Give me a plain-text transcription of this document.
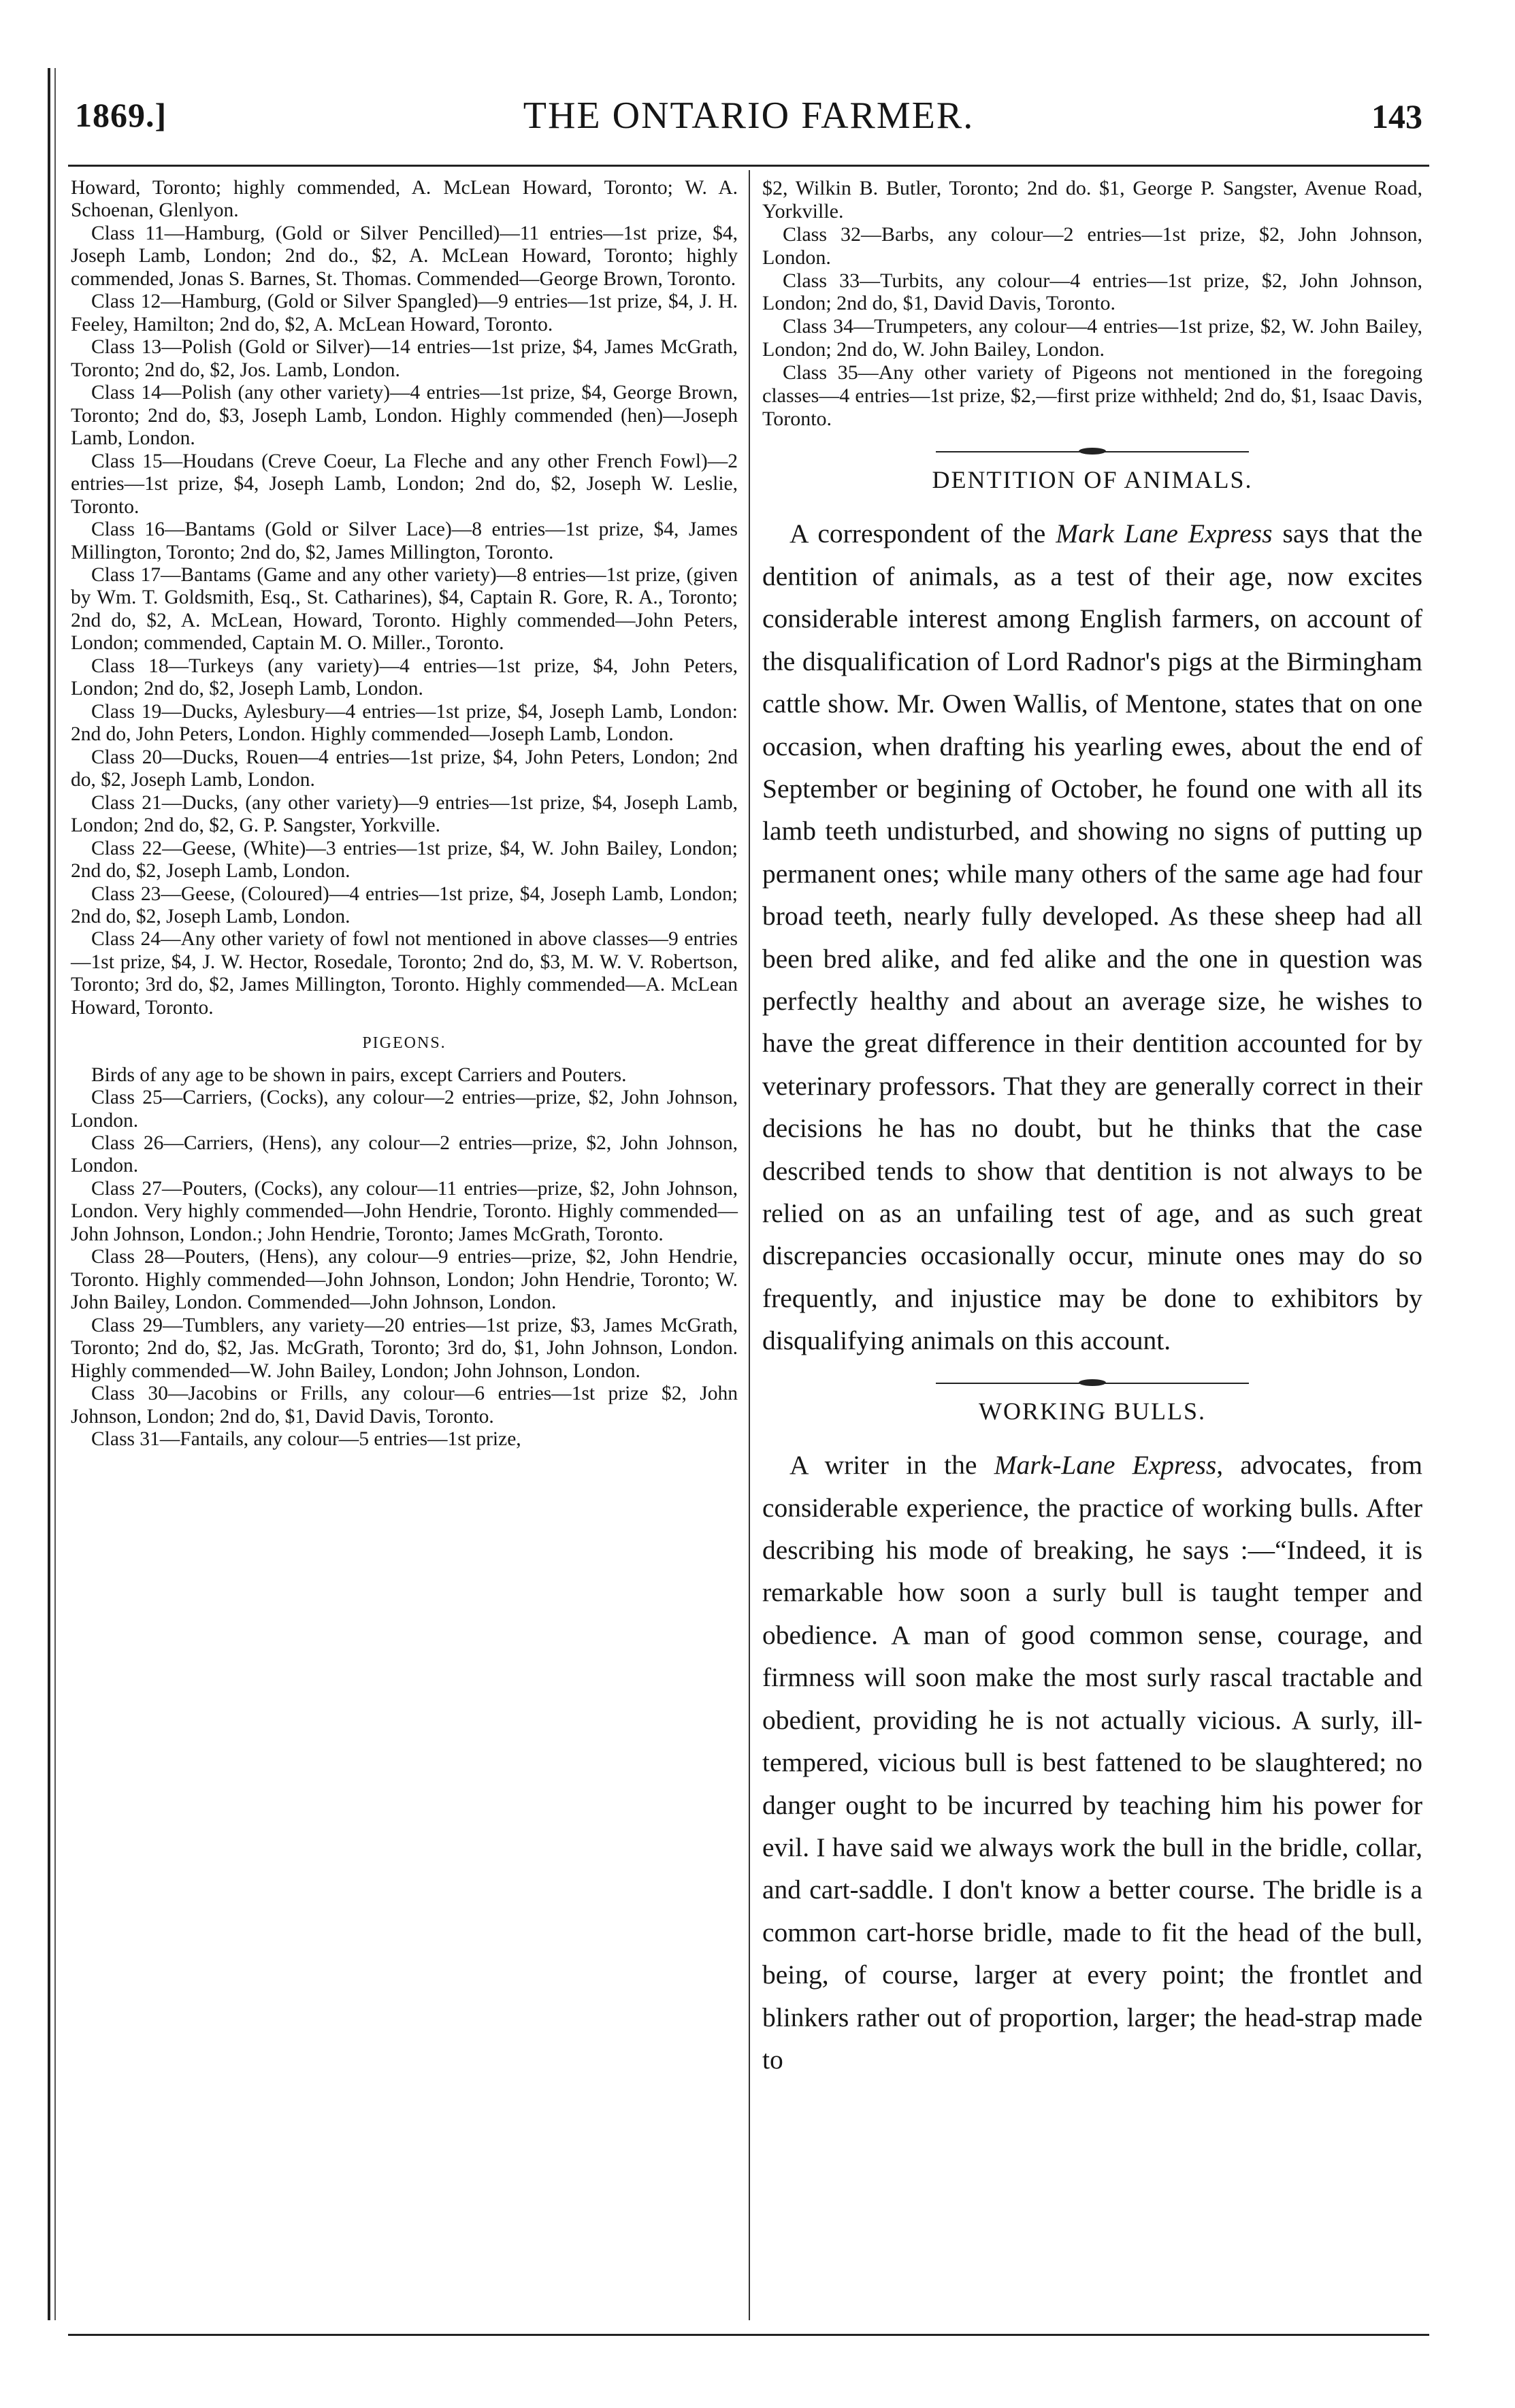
1869.]	THE ONTARIO FARMER.	143

Howard, Toronto; highly commended, A. McLean Howard, Toronto; W. A. Schoenan, Glenlyon.

Class 11—Hamburg, (Gold or Silver Pencilled)—11 entries—1st prize, $4, Joseph Lamb, London; 2nd do., $2, A. McLean Howard, Toronto; highly commended, Jonas S. Barnes, St. Thomas. Commended—George Brown, Toronto.

Class 12—Hamburg, (Gold or Silver Spangled)—9 entries—1st prize, $4, J. H. Feeley, Hamilton; 2nd do, $2, A. McLean Howard, Toronto.

Class 13—Polish (Gold or Silver)—14 entries—1st prize, $4, James McGrath, Toronto; 2nd do, $2, Jos. Lamb, London.

Class 14—Polish (any other variety)—4 entries—1st prize, $4, George Brown, Toronto; 2nd do, $3, Joseph Lamb, London. Highly commended (hen)—Joseph Lamb, London.

Class 15—Houdans (Creve Coeur, La Fleche and any other French Fowl)—2 entries—1st prize, $4, Joseph Lamb, London; 2nd do, $2, Joseph W. Leslie, Toronto.

Class 16—Bantams (Gold or Silver Lace)—8 entries—1st prize, $4, James Millington, Toronto; 2nd do, $2, James Millington, Toronto.

Class 17—Bantams (Game and any other variety)—8 entries—1st prize, (given by Wm. T. Goldsmith, Esq., St. Catharines), $4, Captain R. Gore, R. A., Toronto; 2nd do, $2, A. McLean, Howard, Toronto. Highly commended—John Peters, London; commended, Captain M. O. Miller., Toronto.

Class 18—Turkeys (any variety)—4 entries—1st prize, $4, John Peters, London; 2nd do, $2, Joseph Lamb, London.

Class 19—Ducks, Aylesbury—4 entries—1st prize, $4, Joseph Lamb, London: 2nd do, John Peters, London. Highly commended—Joseph Lamb, London.

Class 20—Ducks, Rouen—4 entries—1st prize, $4, John Peters, London; 2nd do, $2, Joseph Lamb, London.

Class 21—Ducks, (any other variety)—9 entries—1st prize, $4, Joseph Lamb, London; 2nd do, $2, G. P. Sangster, Yorkville.

Class 22—Geese, (White)—3 entries—1st prize, $4, W. John Bailey, London; 2nd do, $2, Joseph Lamb, London.

Class 23—Geese, (Coloured)—4 entries—1st prize, $4, Joseph Lamb, London; 2nd do, $2, Joseph Lamb, London.

Class 24—Any other variety of fowl not mentioned in above classes—9 entries—1st prize, $4, J. W. Hector, Rosedale, Toronto; 2nd do, $3, M. W. V. Robertson, Toronto; 3rd do, $2, James Millington, Toronto. Highly commended—A. McLean Howard, Toronto.

PIGEONS.

Birds of any age to be shown in pairs, except Carriers and Pouters.

Class 25—Carriers, (Cocks), any colour—2 entries—prize, $2, John Johnson, London.

Class 26—Carriers, (Hens), any colour—2 entries—prize, $2, John Johnson, London.

Class 27—Pouters, (Cocks), any colour—11 entries—prize, $2, John Johnson, London. Very highly commended—John Hendrie, Toronto. Highly commended—John Johnson, London.; John Hendrie, Toronto; James McGrath, Toronto.

Class 28—Pouters, (Hens), any colour—9 entries—prize, $2, John Hendrie, Toronto. Highly commended—John Johnson, London; John Hendrie, Toronto; W. John Bailey, London. Commended—John Johnson, London.

Class 29—Tumblers, any variety—20 entries—1st prize, $3, James McGrath, Toronto; 2nd do, $2, Jas. McGrath, Toronto; 3rd do, $1, John Johnson, London. Highly commended—W. John Bailey, London; John Johnson, London.

Class 30—Jacobins or Frills, any colour—6 entries—1st prize $2, John Johnson, London; 2nd do, $1, David Davis, Toronto.

Class 31—Fantails, any colour—5 entries—1st prize,

$2, Wilkin B. Butler, Toronto; 2nd do. $1, George P. Sangster, Avenue Road, Yorkville.

Class 32—Barbs, any colour—2 entries—1st prize, $2, John Johnson, London.

Class 33—Turbits, any colour—4 entries—1st prize, $2, John Johnson, London; 2nd do, $1, David Davis, Toronto.

Class 34—Trumpeters, any colour—4 entries—1st prize, $2, W. John Bailey, London; 2nd do, W. John Bailey, London.

Class 35—Any other variety of Pigeons not mentioned in the foregoing classes—4 entries—1st prize, $2,—first prize withheld; 2nd do, $1, Isaac Davis, Toronto.

DENTITION OF ANIMALS.

A correspondent of the Mark Lane Express says that the dentition of animals, as a test of their age, now excites considerable interest among English farmers, on account of the disqualification of Lord Radnor's pigs at the Birmingham cattle show. Mr. Owen Wallis, of Mentone, states that on one occasion, when drafting his yearling ewes, about the end of September or begining of October, he found one with all its lamb teeth undisturbed, and showing no signs of putting up permanent ones; while many others of the same age had four broad teeth, nearly fully developed. As these sheep had all been bred alike, and fed alike and the one in question was perfectly healthy and about an average size, he wishes to have the great difference in their dentition accounted for by veterinary professors. That they are generally correct in their decisions he has no doubt, but he thinks that the case described tends to show that dentition is not always to be relied on as an unfailing test of age, and as such great discrepancies occasionally occur, minute ones may do so frequently, and injustice may be done to exhibitors by disqualifying animals on this account.

WORKING BULLS.

A writer in the Mark-Lane Express, advocates, from considerable experience, the practice of working bulls. After describing his mode of breaking, he says :—“Indeed, it is remarkable how soon a surly bull is taught temper and obedience. A man of good common sense, courage, and firmness will soon make the most surly rascal tractable and obedient, providing he is not actually vicious. A surly, ill-tempered, vicious bull is best fattened to be slaughtered; no danger ought to be incurred by teaching him his power for evil. I have said we always work the bull in the bridle, collar, and cart-saddle. I don't know a better course. The bridle is a common cart-horse bridle, made to fit the head of the bull, being, of course, larger at every point; the frontlet and blinkers rather out of proportion, larger; the head-strap made to
